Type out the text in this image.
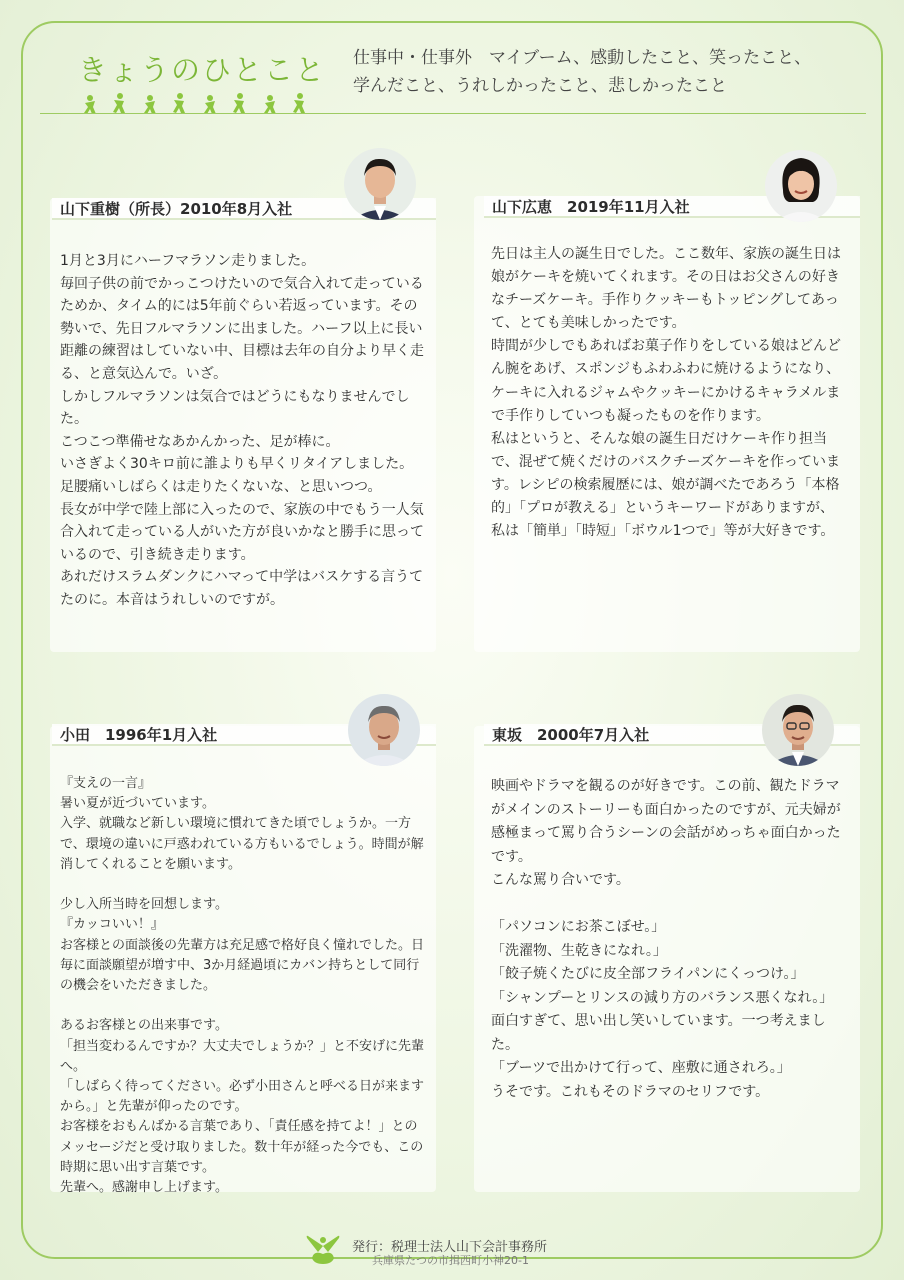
きょうのひとこと 仕事中・仕事外　マイブーム、感動したこと、笑ったこと、
学んだこと、うれしかったこと、悲しかったこと
山下重樹（所長）2010年8月入社

1月と3月にハーフマラソン走りました。
毎回子供の前でかっこつけたいので気合入れて走っているためか、タイム的には5年前ぐらい若返っています。その勢いで、先日フルマラソンに出ました。ハーフ以上に長い距離の練習はしていない中、目標は去年の自分より早く走る、と意気込んで。いざ。
しかしフルマラソンは気合ではどうにもなりませんでした。
こつこつ準備せなあかんかった、足が棒に。
いさぎよく30キロ前に誰よりも早くリタイアしました。足腰痛いしばらくは走りたくないな、と思いつつ。
長女が中学で陸上部に入ったので、家族の中でもう一人気合入れて走っている人がいた方が良いかなと勝手に思っているので、引き続き走ります。
あれだけスラムダンクにハマって中学はバスケする言うてたのに。本音はうれしいのですが。

山下広恵　2019年11月入社

先日は主人の誕生日でした。ここ数年、家族の誕生日は娘がケーキを焼いてくれます。その日はお父さんの好きなチーズケーキ。手作りクッキーもトッピングしてあって、とても美味しかったです。
時間が少しでもあればお菓子作りをしている娘はどんどん腕をあげ、スポンジもふわふわに焼けるようになり、ケーキに入れるジャムやクッキーにかけるキャラメルまで手作りしていつも凝ったものを作ります。
私はというと、そんな娘の誕生日だけケーキ作り担当で、混ぜて焼くだけのバスクチーズケーキを作っています。レシピの検索履歴には、娘が調べたであろう「本格的」「プロが教える」というキーワードがありますが、私は「簡単」「時短」「ボウル1つで」等が大好きです。

小田　1996年1月入社

『支えの一言』
暑い夏が近づいています。
入学、就職など新しい環境に慣れてきた頃でしょうか。一方で、環境の違いに戸惑われている方もいるでしょう。時間が解消してくれることを願います。

少し入所当時を回想します。
『カッコいい！』
お客様との面談後の先輩方は充足感で格好良く憧れでした。日毎に面談願望が増す中、3か月経過頃にカバン持ちとして同行の機会をいただきました。

あるお客様との出来事です。
「担当変わるんですか？大丈夫でしょうか？」と不安げに先輩へ。
「しばらく待ってください。必ず小田さんと呼べる日が来ますから。」と先輩が仰ったのです。
お客様をおもんばかる言葉であり、「責任感を持てよ！」とのメッセージだと受け取りました。数十年が経った今でも、この時期に思い出す言葉です。
先輩へ。感謝申し上げます。

東坂　2000年7月入社

映画やドラマを観るのが好きです。この前、観たドラマがメインのストーリーも面白かったのですが、元夫婦が感極まって罵り合うシーンの会話がめっちゃ面白かったです。
こんな罵り合いです。

「パソコンにお茶こぼせ。」
「洗濯物、生乾きになれ。」
「餃子焼くたびに皮全部フライパンにくっつけ。」
「シャンプーとリンスの減り方のバランス悪くなれ。」
面白すぎて、思い出し笑いしています。一つ考えました。
「ブーツで出かけて行って、座敷に通されろ。」
うそです。これもそのドラマのセリフです。

発行：税理士法人山下会計事務所
兵庫県たつの市揖西町小神20-1
